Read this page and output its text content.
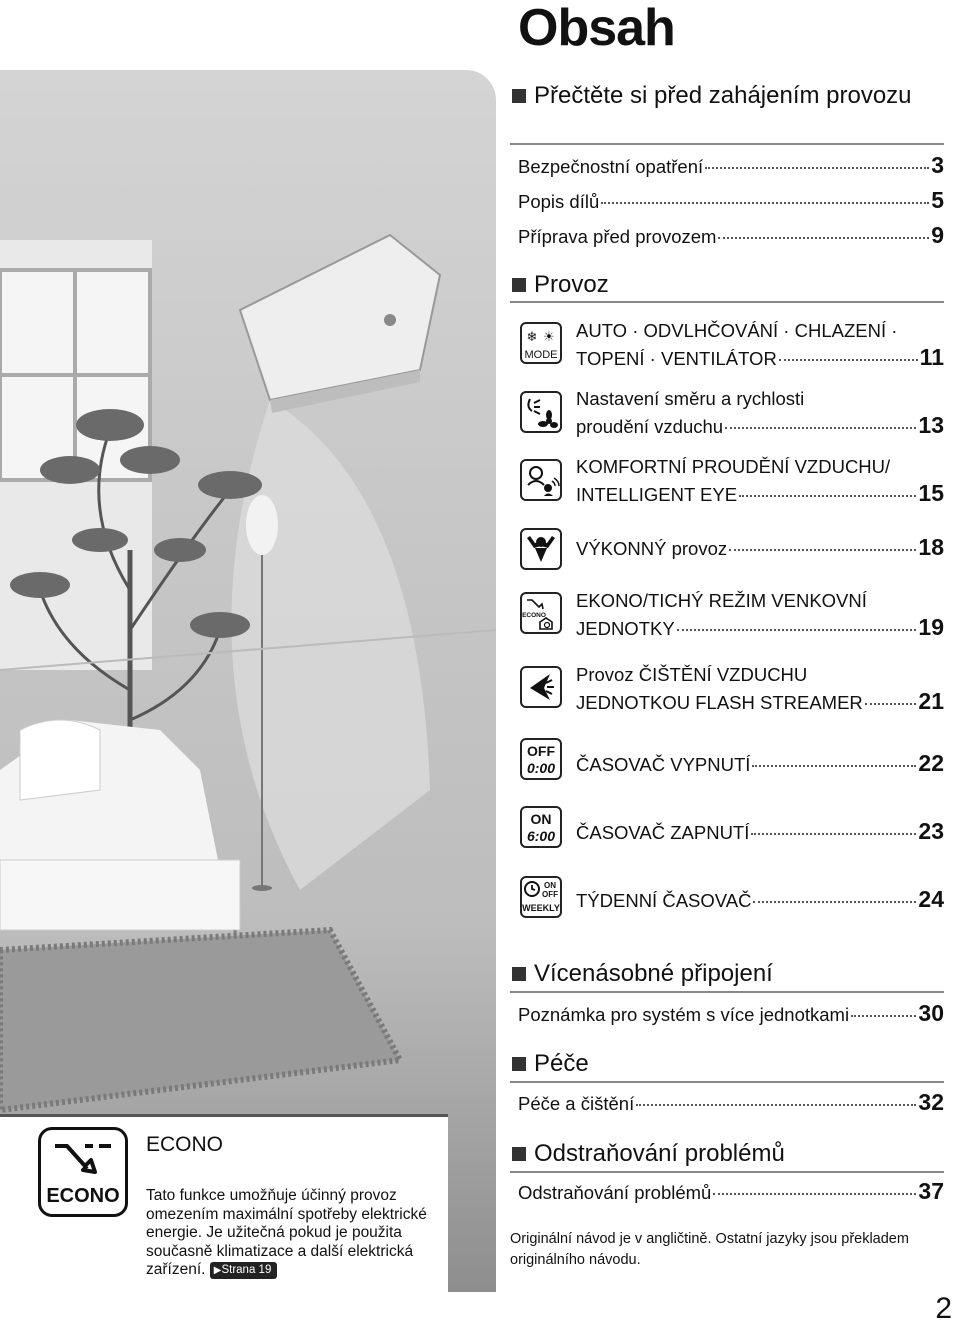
Obsah
ECONO
ECONO
Tato funkce umožňuje účinný provoz omezením maximální spotřeby elektrické energie. Je užitečná pokud je použita současně klimatizace a další elektrická zařízení. ▶Strana 19
Přečtěte si před zahájením provozu
Bezpečnostní opatření	3
Popis dílů	5
Příprava před provozem	9
Provoz
❄ ☀
MODE
AUTO · ODVLHČOVÁNÍ · CHLAZENÍ ·
TOPENÍ · VENTILÁTOR	11
Nastavení směru a rychlosti
proudění vzduchu	13
KOMFORTNÍ PROUDĚNÍ VZDUCHU/
INTELLIGENT EYE	15
VÝKONNÝ provoz	18
ECONO
EKONO/TICHÝ REŽIM VENKOVNÍ
JEDNOTKY	19
Provoz ČIŠTĚNÍ VZDUCHU
JEDNOTKOU FLASH STREAMER 21
OFF
0:00 ČASOVAČ VYPNUTÍ	22
ON
6:00 ČASOVAČ ZAPNUTÍ	23
ON
OFF
WEEKLY TÝDENNÍ ČASOVAČ	24
Vícenásobné připojení
Poznámka pro systém s více jednotkami	30
Péče
Péče a čištění	32
Odstraňování problémů
Odstraňování problémů	37
Originální návod je v angličtině. Ostatní jazyky jsou překladem originálního návodu.
2
